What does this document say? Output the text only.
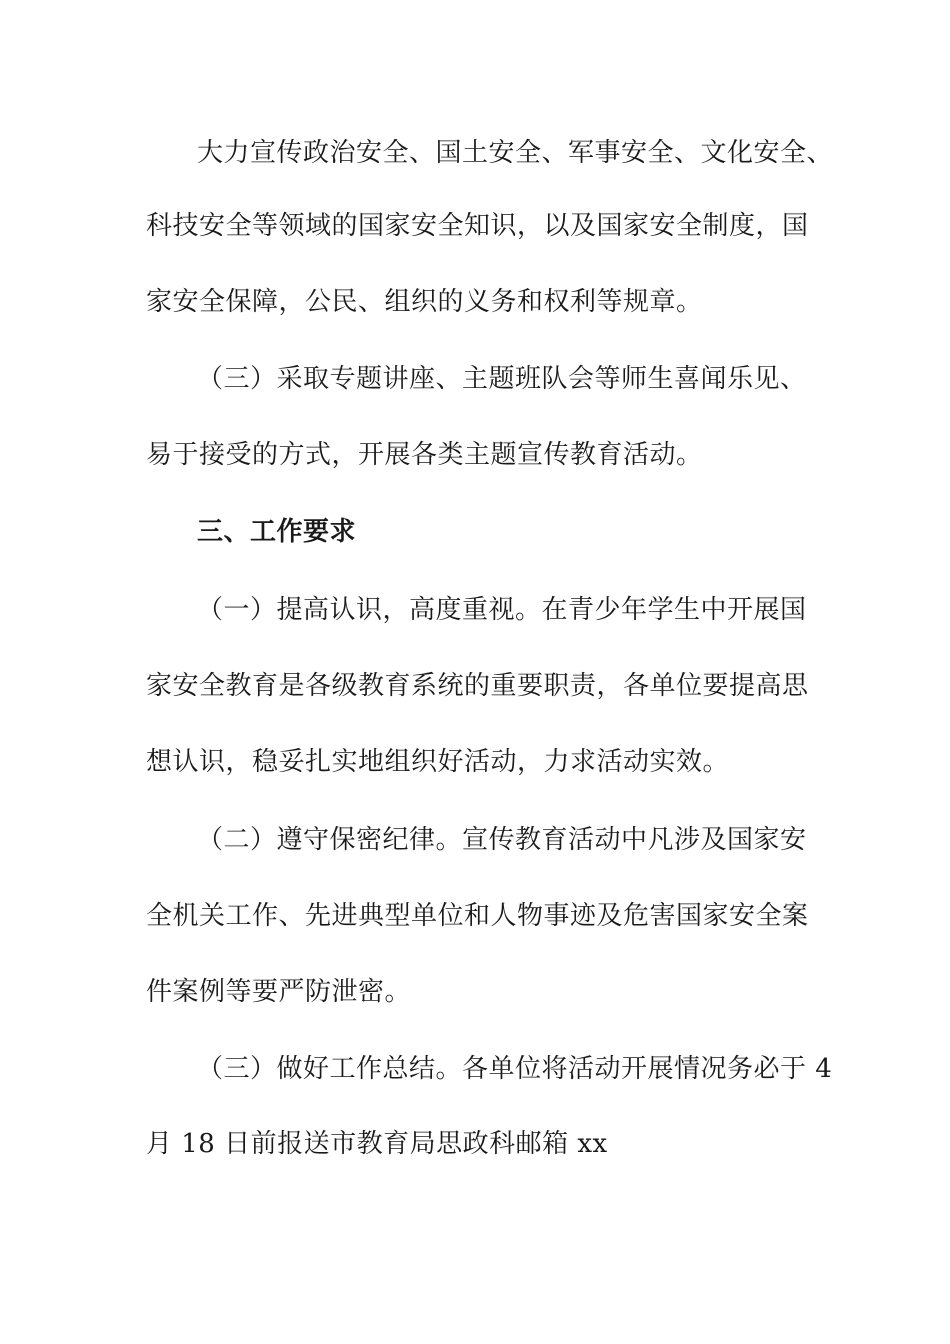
大力宣传政治安全、国土安全、军事安全、文化安全、

科技安全等领域的国家安全知识，以及国家安全制度，国

家安全保障，公民、组织的义务和权利等规章。

（三）采取专题讲座、主题班队会等师生喜闻乐见、

易于接受的方式，开展各类主题宣传教育活动。

三、工作要求

（一）提高认识，高度重视。在青少年学生中开展国

家安全教育是各级教育系统的重要职责，各单位要提高思

想认识，稳妥扎实地组织好活动，力求活动实效。

（二）遵守保密纪律。宣传教育活动中凡涉及国家安

全机关工作、先进典型单位和人物事迹及危害国家安全案

件案例等要严防泄密。

（三）做好工作总结。各单位将活动开展情况务必于 4

月 18 日前报送市教育局思政科邮箱 xx
